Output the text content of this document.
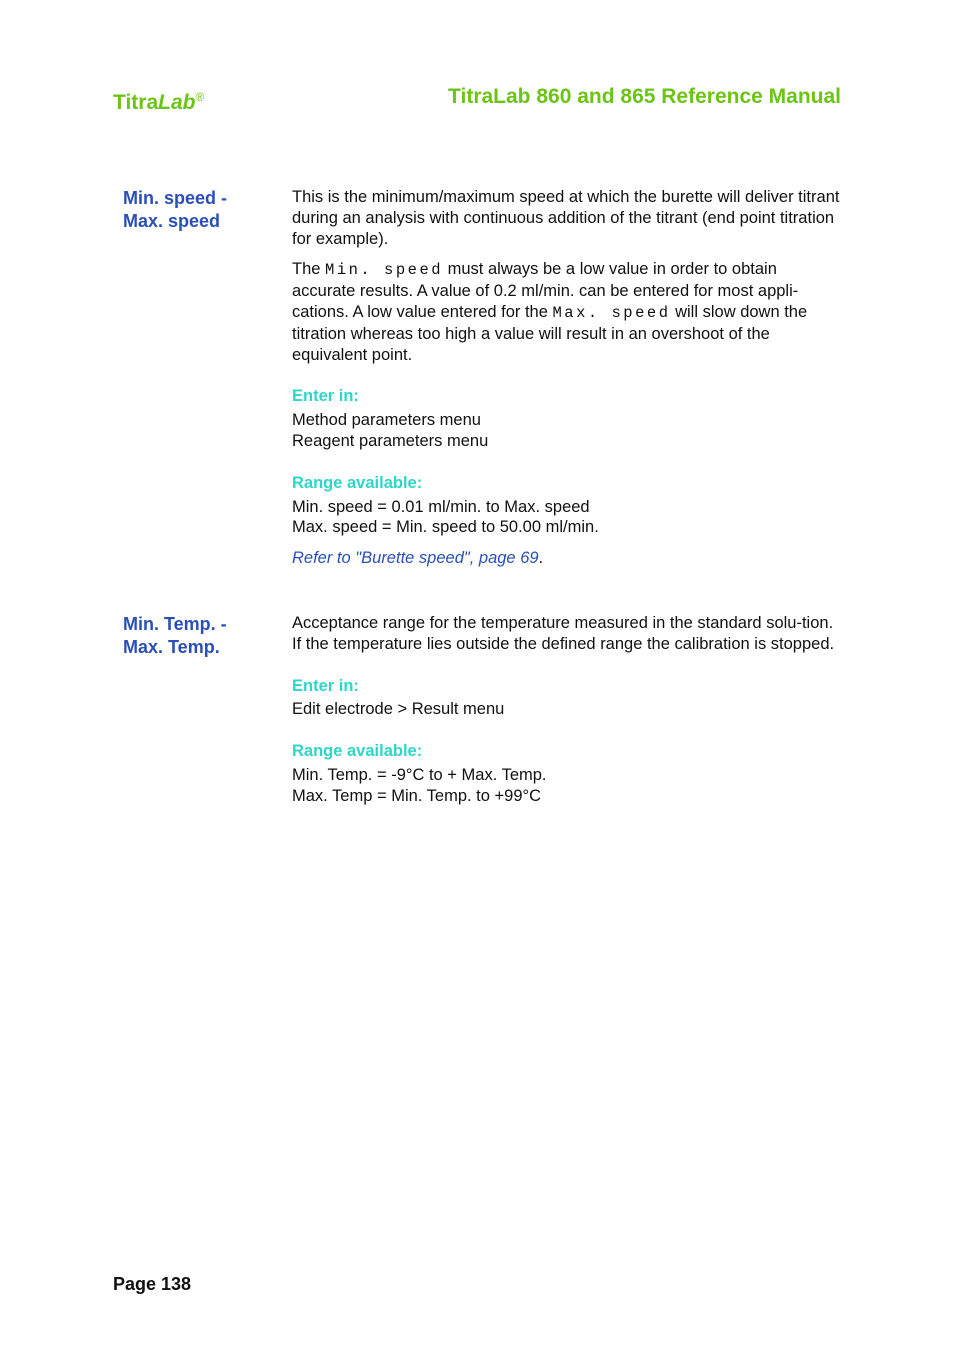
TitraLab®	TitraLab 860 and 865 Reference Manual
Min. speed -
Max. speed

This is the minimum/maximum speed at which the burette will deliver titrant during an analysis with continuous addition of the titrant (end point titration for example).

The Min. speed must always be a low value in order to obtain accurate results. A value of 0.2 ml/min. can be entered for most appli-cations. A low value entered for the Max. speed will slow down the titration whereas too high a value will result in an overshoot of the equivalent point.

Enter in:
Method parameters menu
Reagent parameters menu
Range available:
Min. speed = 0.01 ml/min. to Max. speed
Max. speed = Min. speed to 50.00 ml/min.

Refer to "Burette speed", page 69.

Min. Temp. -
Max. Temp.

Acceptance range for the temperature measured in the standard solu-tion. If the temperature lies outside the defined range the calibration is stopped.

Enter in:
Edit electrode > Result menu
Range available:
Min. Temp. = -9°C to + Max. Temp.
Max. Temp = Min. Temp. to +99°C
Page 138
